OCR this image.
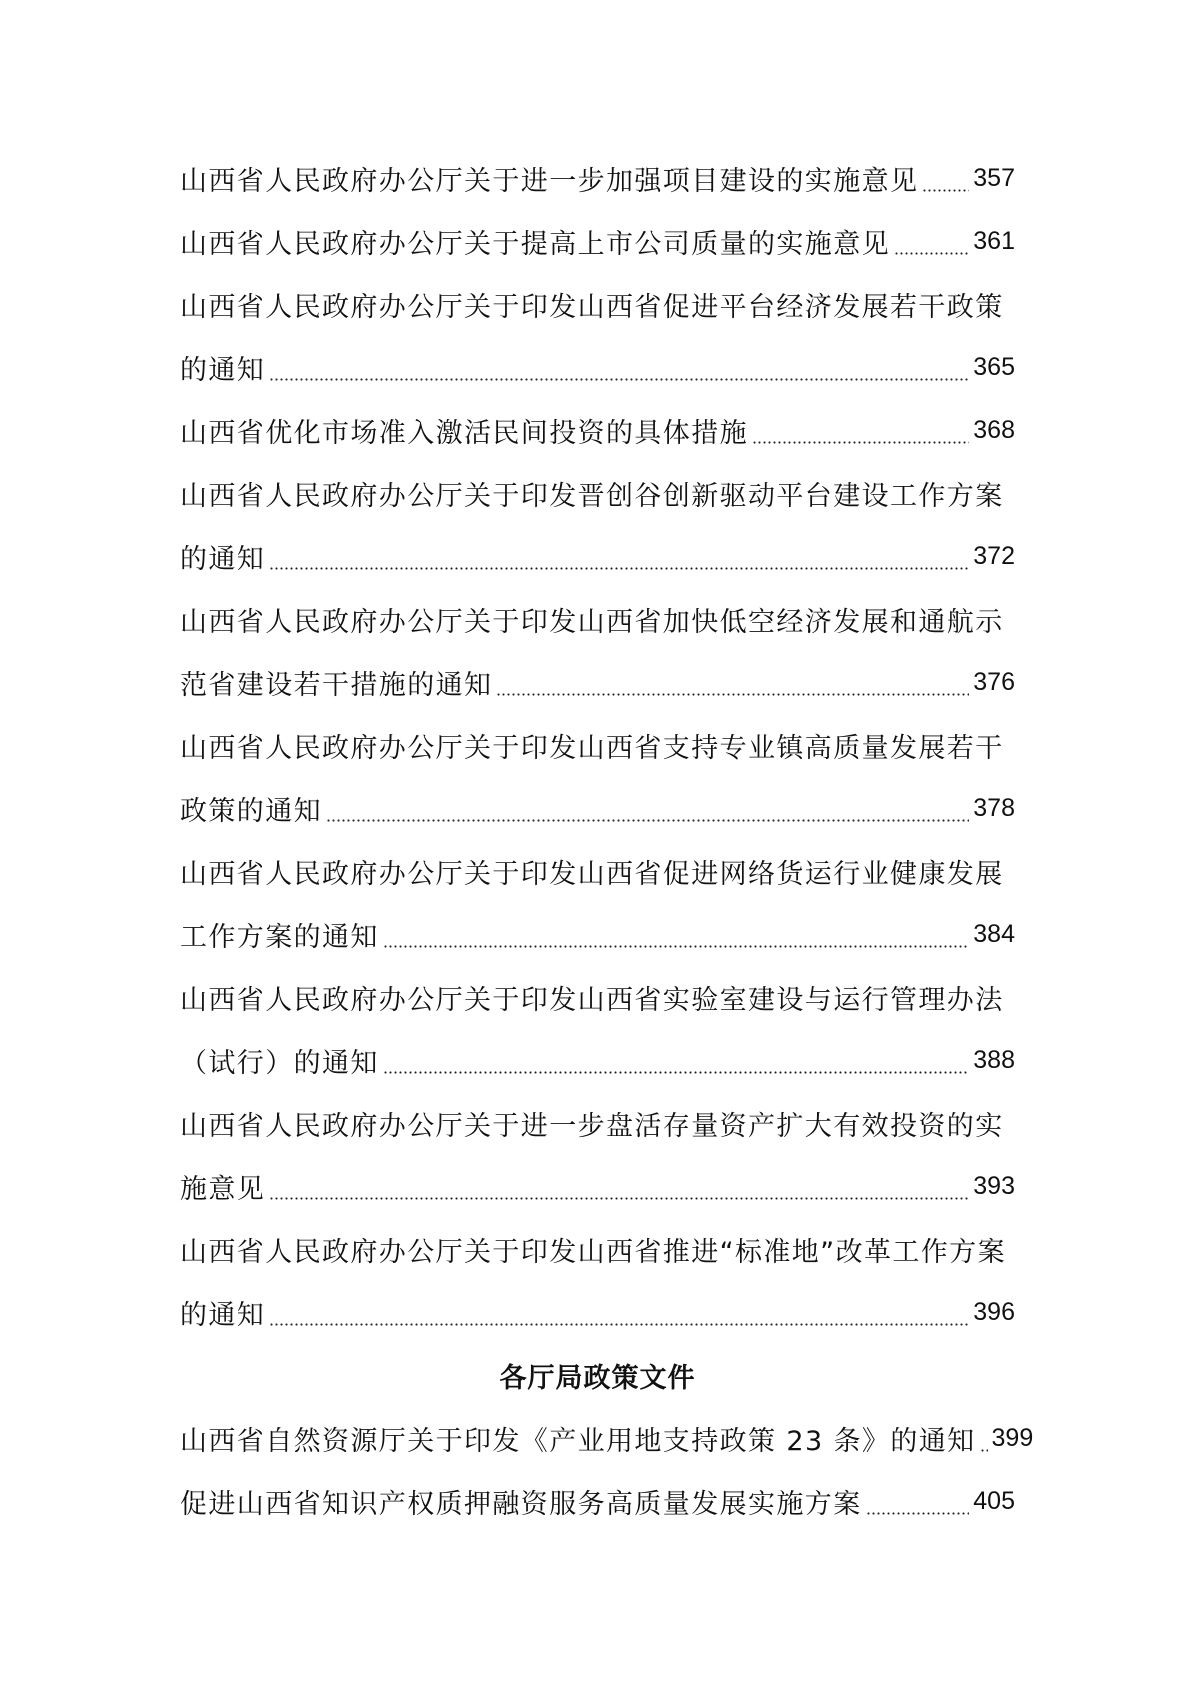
山西省人民政府办公厅关于进一步加强项目建设的实施意见 357
山西省人民政府办公厅关于提高上市公司质量的实施意见	361
山西省人民政府办公厅关于印发山西省促进平台经济发展若干政策
的通知	365
山西省优化市场准入激活民间投资的具体措施	368
山西省人民政府办公厅关于印发晋创谷创新驱动平台建设工作方案
的通知	372
山西省人民政府办公厅关于印发山西省加快低空经济发展和通航示
范省建设若干措施的通知	376
山西省人民政府办公厅关于印发山西省支持专业镇高质量发展若干
政策的通知	378
山西省人民政府办公厅关于印发山西省促进网络货运行业健康发展
工作方案的通知	384
山西省人民政府办公厅关于印发山西省实验室建设与运行管理办法
（试行）的通知	388
山西省人民政府办公厅关于进一步盘活存量资产扩大有效投资的实
施意见	393
山西省人民政府办公厅关于印发山西省推进“标准地”改革工作方案
的通知	396
各厅局政策文件
山西省自然资源厅关于印发《产业用地支持政策 23 条》的通知 399
促进山西省知识产权质押融资服务高质量发展实施方案	405
